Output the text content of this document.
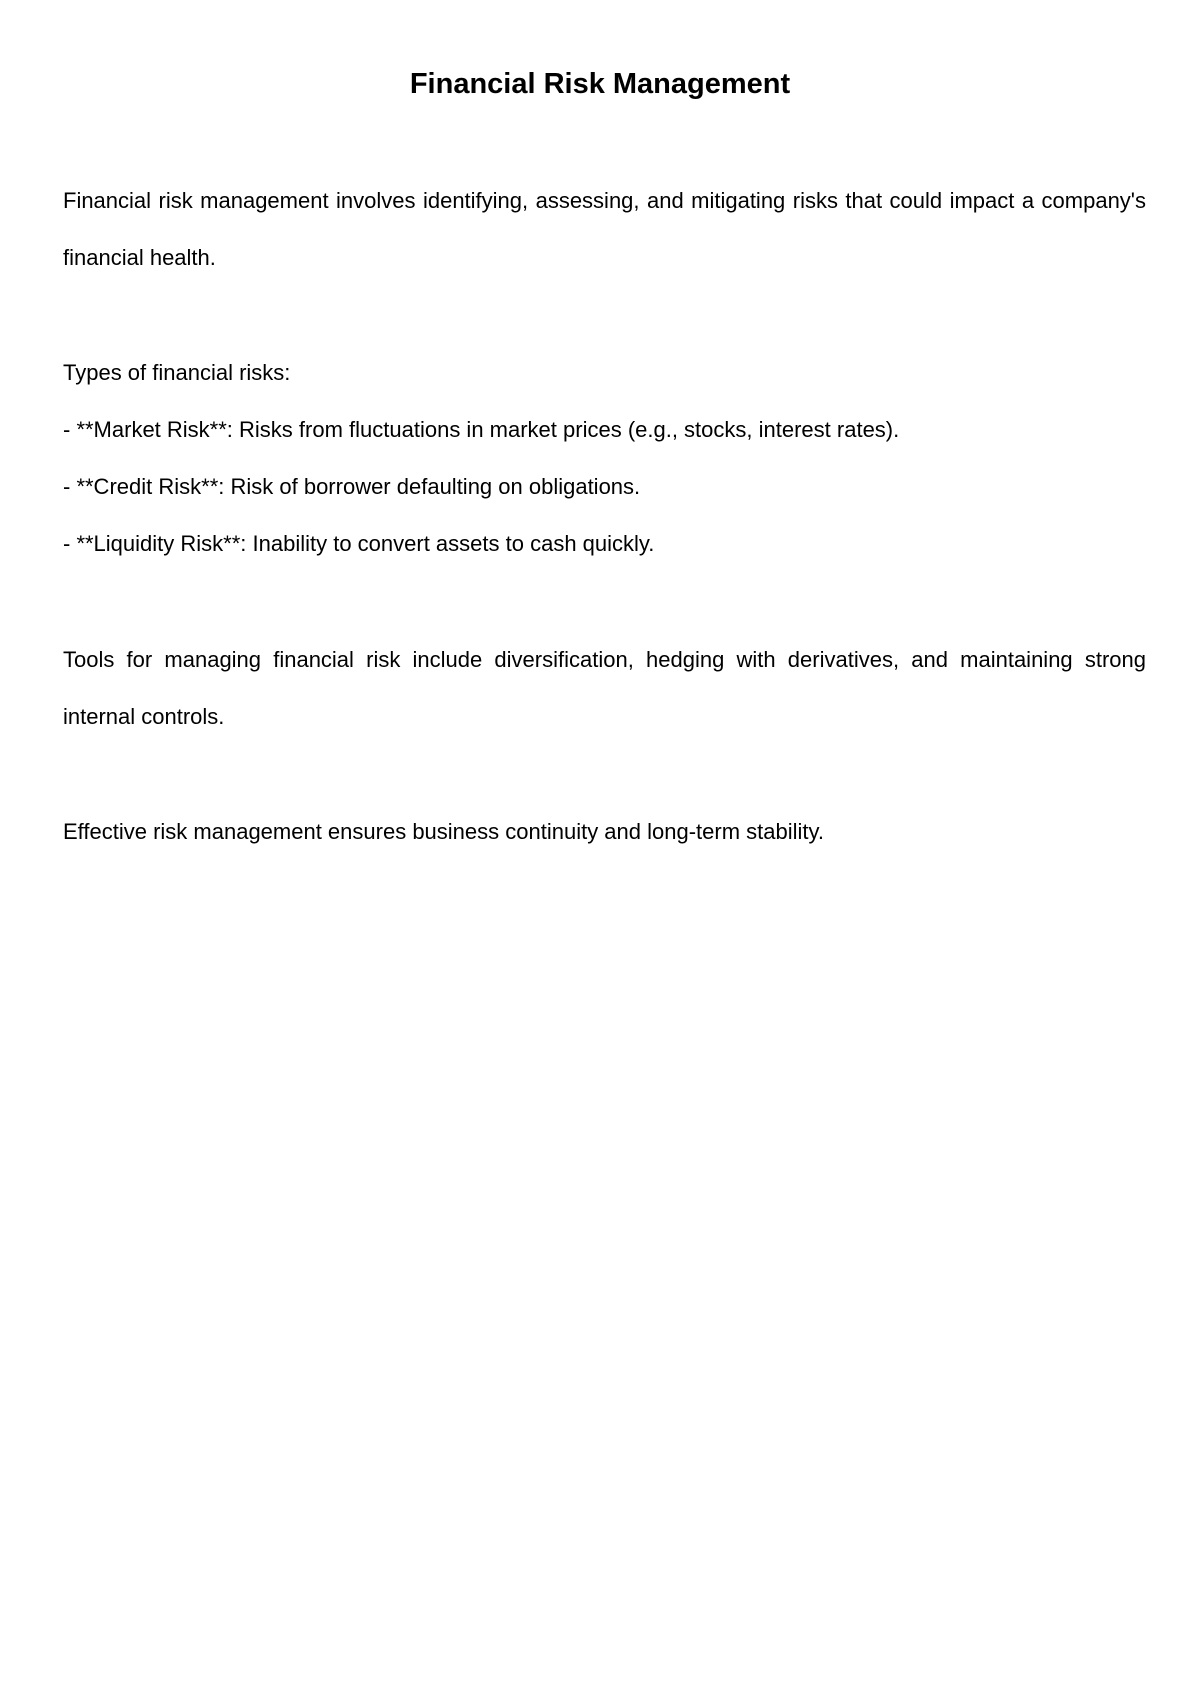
Financial Risk Management

Financial risk management involves identifying, assessing, and mitigating risks that could impact a company's financial health.

Types of financial risks:

- **Market Risk**: Risks from fluctuations in market prices (e.g., stocks, interest rates).
- **Credit Risk**: Risk of borrower defaulting on obligations.
- **Liquidity Risk**: Inability to convert assets to cash quickly.

Tools for managing financial risk include diversification, hedging with derivatives, and maintaining strong internal controls.

Effective risk management ensures business continuity and long-term stability.
